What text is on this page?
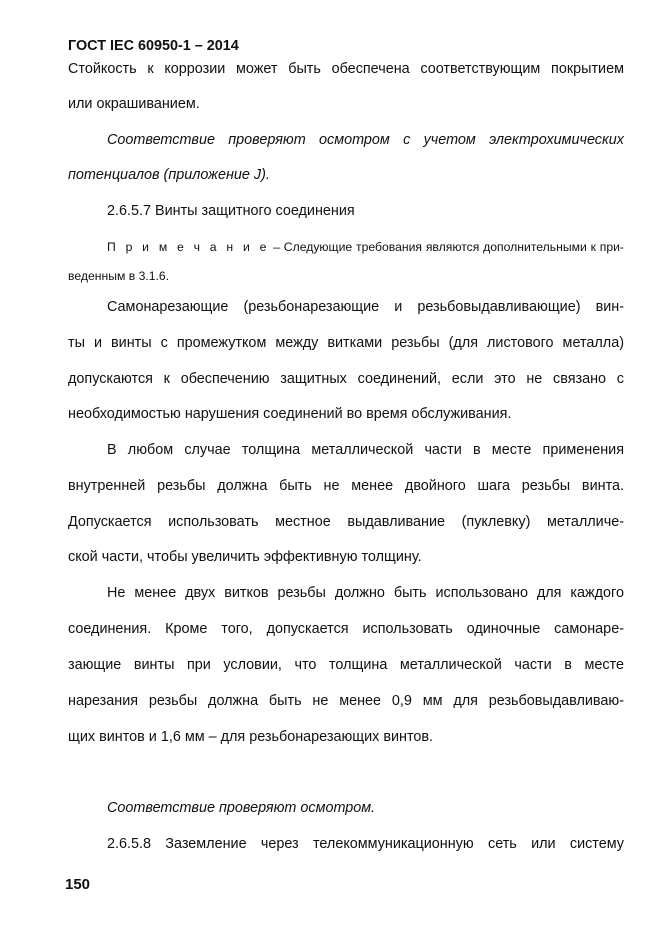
ГОСТ IEC 60950-1 – 2014
Стойкость к коррозии может быть обеспечена соответствующим покрытием
или окрашиванием.
Соответствие проверяют осмотром с учетом электрохимических
потенциалов (приложение J).
2.6.5.7 Винты защитного соединения
П р и м е ч а н и е – Следующие требования являются дополнительными к при-
веденным в 3.1.6.
Самонарезающие (резьбонарезающие и резьбовыдавливающие) вин-
ты и винты с промежутком между витками резьбы (для листового металла)
допускаются к обеспечению защитных соединений, если это не связано с
необходимостью нарушения соединений во время обслуживания.
В любом случае толщина металлической части в месте применения
внутренней резьбы должна быть не менее двойного шага резьбы винта.
Допускается использовать местное выдавливание (пуклевку) металличе-
ской части, чтобы увеличить эффективную толщину.
Не менее двух витков резьбы должно быть использовано для каждого
соединения. Кроме того, допускается использовать одиночные самонаре-
зающие винты при условии, что толщина металлической части в месте
нарезания резьбы должна быть не менее 0,9 мм для резьбовыдавливаю-
щих винтов и 1,6 мм – для резьбонарезающих винтов.
Соответствие проверяют осмотром.
2.6.5.8 Заземление через телекоммуникационную сеть или систему
150
